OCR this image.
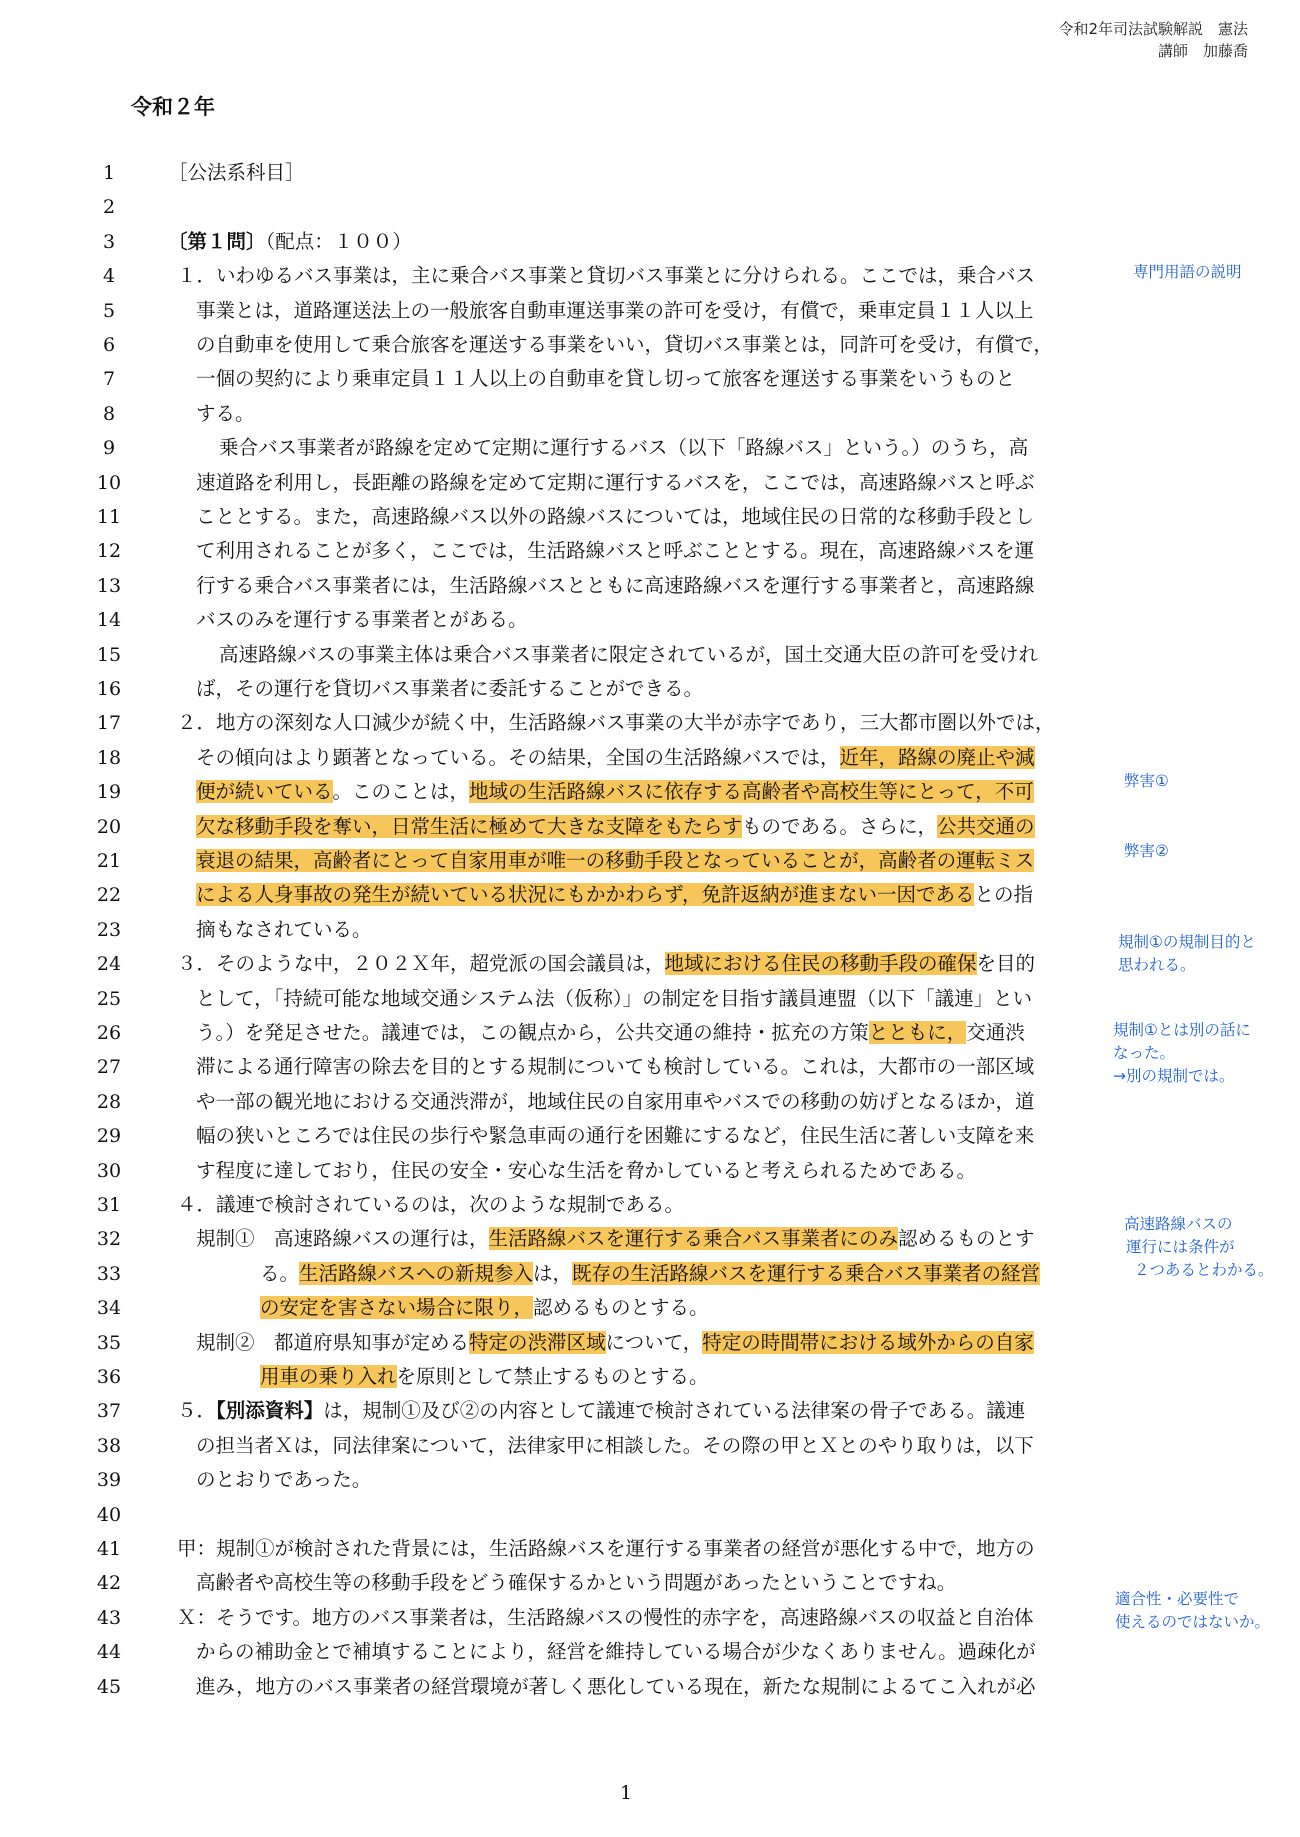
令和2年司法試験解説　憲法
講師　加藤喬
令和２年
1	［公法系科目］
2
3	〔第１問〕（配点：１００）
4	１．いわゆるバス事業は，主に乗合バス事業と貸切バス事業とに分けられる。ここでは，乗合バス
5	事業とは，道路運送法上の一般旅客自動車運送事業の許可を受け，有償で，乗車定員１１人以上
6	の自動車を使用して乗合旅客を運送する事業をいい，貸切バス事業とは，同許可を受け，有償で，
7	一個の契約により乗車定員１１人以上の自動車を貸し切って旅客を運送する事業をいうものと
8	する。
9	乗合バス事業者が路線を定めて定期に運行するバス（以下「路線バス」という。）のうち，高
10	速道路を利用し，長距離の路線を定めて定期に運行するバスを，ここでは，高速路線バスと呼ぶ
11	こととする。また，高速路線バス以外の路線バスについては，地域住民の日常的な移動手段とし
12	て利用されることが多く，ここでは，生活路線バスと呼ぶこととする。現在，高速路線バスを運
13	行する乗合バス事業者には，生活路線バスとともに高速路線バスを運行する事業者と，高速路線
14	バスのみを運行する事業者とがある。
15	高速路線バスの事業主体は乗合バス事業者に限定されているが，国土交通大臣の許可を受けれ
16	ば，その運行を貸切バス事業者に委託することができる。
17	２．地方の深刻な人口減少が続く中，生活路線バス事業の大半が赤字であり，三大都市圏以外では，
18	その傾向はより顕著となっている。その結果，全国の生活路線バスでは，近年，路線の廃止や減
19	便が続いている。このことは，地域の生活路線バスに依存する高齢者や高校生等にとって，不可
20	欠な移動手段を奪い，日常生活に極めて大きな支障をもたらすものである。さらに，公共交通の
21	衰退の結果，高齢者にとって自家用車が唯一の移動手段となっていることが，高齢者の運転ミス
22	による人身事故の発生が続いている状況にもかかわらず，免許返納が進まない一因であるとの指
23	摘もなされている。
24	３．そのような中，２０２Ｘ年，超党派の国会議員は，地域における住民の移動手段の確保を目的
25	として，「持続可能な地域交通システム法（仮称）」の制定を目指す議員連盟（以下「議連」とい
26	う。）を発足させた。議連では，この観点から，公共交通の維持・拡充の方策とともに，交通渋
27	滞による通行障害の除去を目的とする規制についても検討している。これは，大都市の一部区域
28	や一部の観光地における交通渋滞が，地域住民の自家用車やバスでの移動の妨げとなるほか，道
29	幅の狭いところでは住民の歩行や緊急車両の通行を困難にするなど，住民生活に著しい支障を来
30	す程度に達しており，住民の安全・安心な生活を脅かしていると考えられるためである。
31	４．議連で検討されているのは，次のような規制である。
32	規制①　高速路線バスの運行は，生活路線バスを運行する乗合バス事業者にのみ認めるものとす
33	る。生活路線バスへの新規参入は，既存の生活路線バスを運行する乗合バス事業者の経営
34	の安定を害さない場合に限り，認めるものとする。
35	規制②　都道府県知事が定める特定の渋滞区域について，特定の時間帯における域外からの自家
36	用車の乗り入れを原則として禁止するものとする。
37	５．【別添資料】は，規制①及び②の内容として議連で検討されている法律案の骨子である。議連
38	の担当者Ｘは，同法律案について，法律家甲に相談した。その際の甲とＸとのやり取りは，以下
39	のとおりであった。
40
41	甲：規制①が検討された背景には，生活路線バスを運行する事業者の経営が悪化する中で，地方の
42	高齢者や高校生等の移動手段をどう確保するかという問題があったということですね。
43	Ｘ：そうです。地方のバス事業者は，生活路線バスの慢性的赤字を，高速路線バスの収益と自治体
44	からの補助金とで補填することにより，経営を維持している場合が少なくありません。過疎化が
45	進み，地方のバス事業者の経営環境が著しく悪化している現在，新たな規制によるてこ入れが必
専門用語の説明
弊害①
弊害②
規制①の規制目的と
思われる。
規制①とは別の話に
なった。
→別の規制では。
高速路線バスの
運行には条件が
２つあるとわかる。
適合性・必要性で
使えるのではないか。
1
